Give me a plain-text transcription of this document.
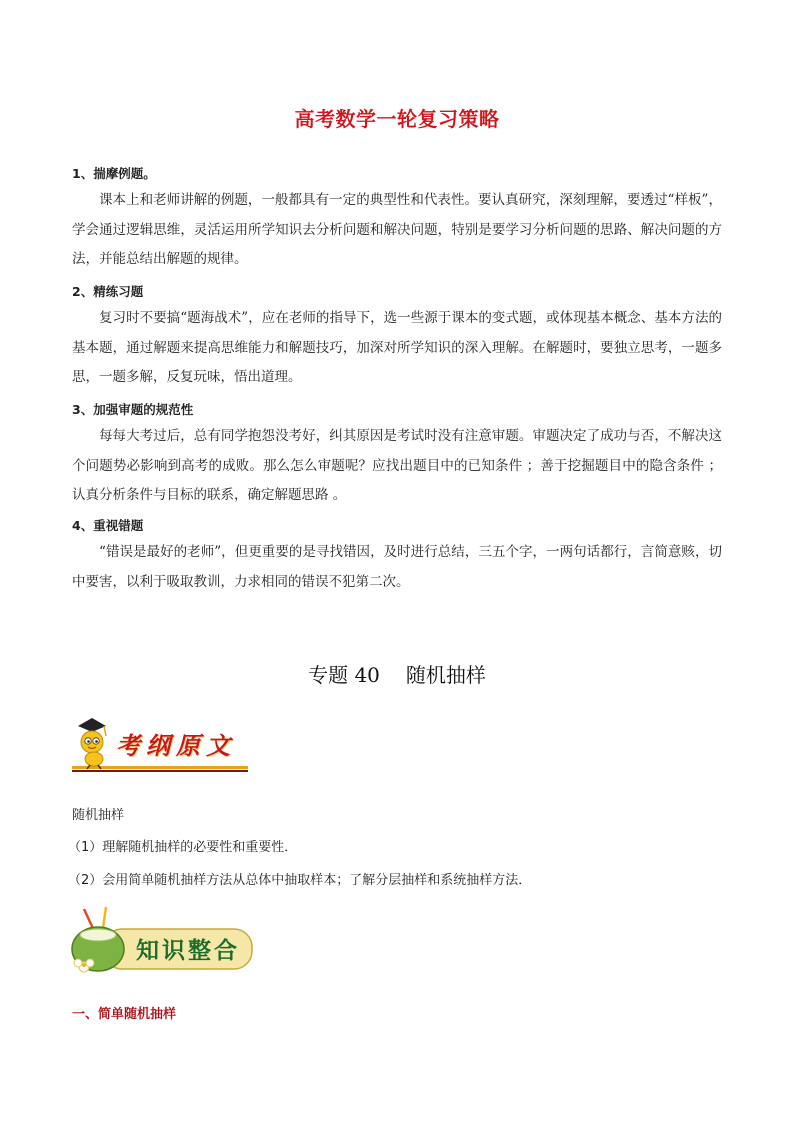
高考数学一轮复习策略
1、揣摩例题。
课本上和老师讲解的例题，一般都具有一定的典型性和代表性。要认真研究，深刻理解，要透过“样板”，学会通过逻辑思维，灵活运用所学知识去分析问题和解决问题，特别是要学习分析问题的思路、解决问题的方法，并能总结出解题的规律。
2、精练习题
复习时不要搞“题海战术”，应在老师的指导下，选一些源于课本的变式题，或体现基本概念、基本方法的基本题，通过解题来提高思维能力和解题技巧，加深对所学知识的深入理解。在解题时，要独立思考，一题多思，一题多解，反复玩味，悟出道理。
3、加强审题的规范性
每每大考过后，总有同学抱怨没考好，纠其原因是考试时没有注意审题。审题决定了成功与否，不解决这个问题势必影响到高考的成败。那么怎么审题呢？应找出题目中的已知条件 ；善于挖掘题目中的隐含条件 ；认真分析条件与目标的联系，确定解题思路 。
4、重视错题
“错误是最好的老师”，但更重要的是寻找错因，及时进行总结，三五个字，一两句话都行，言简意赅，切中要害，以利于吸取教训，力求相同的错误不犯第二次。
专题 40 随机抽样
考纲原文
随机抽样
（1）理解随机抽样的必要性和重要性．
（2）会用简单随机抽样方法从总体中抽取样本；了解分层抽样和系统抽样方法．
知识整合
一、简单随机抽样
